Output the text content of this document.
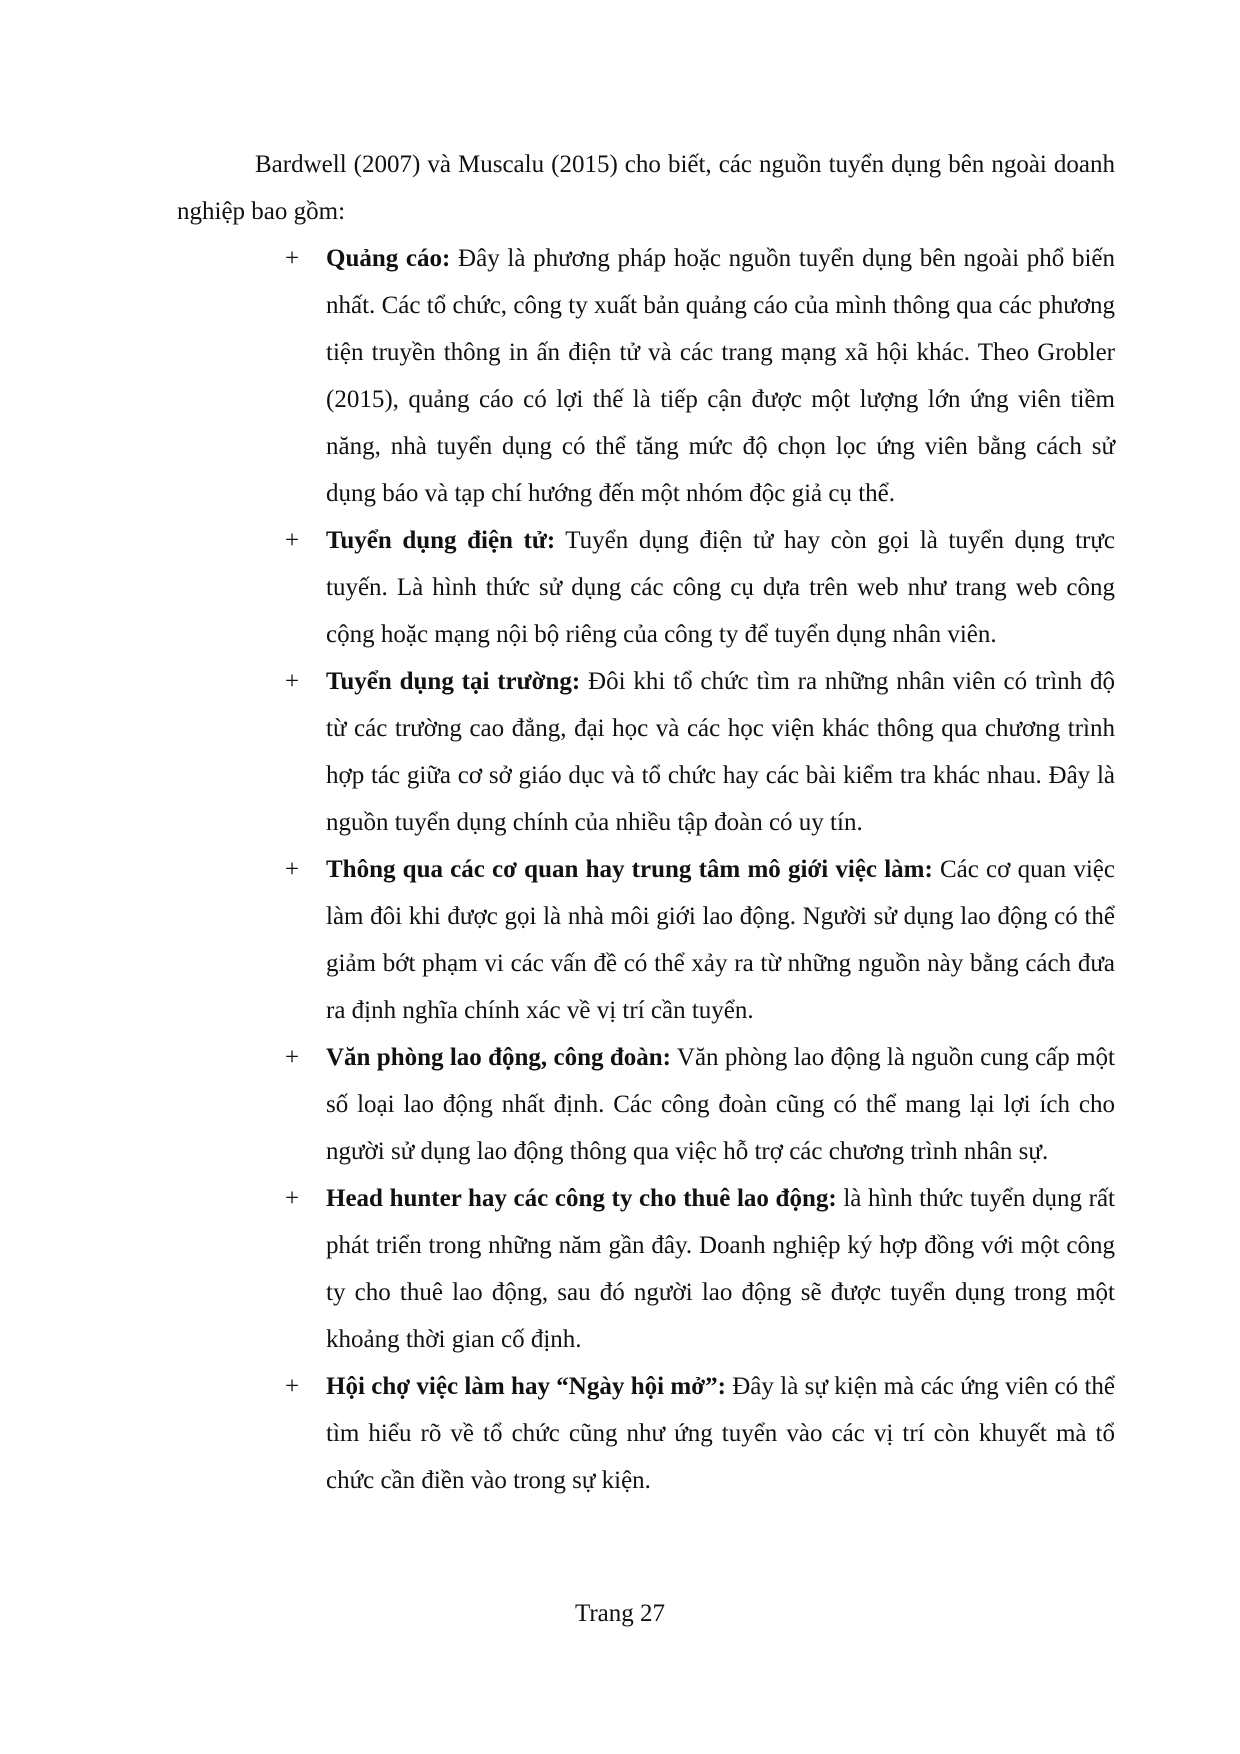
Bardwell (2007) và Muscalu (2015) cho biết, các nguồn tuyển dụng bên ngoài doanh nghiệp bao gồm:

+ Quảng cáo: Đây là phương pháp hoặc nguồn tuyển dụng bên ngoài phổ biến nhất. Các tổ chức, công ty xuất bản quảng cáo của mình thông qua các phương tiện truyền thông in ấn điện tử và các trang mạng xã hội khác. Theo Grobler (2015), quảng cáo có lợi thế là tiếp cận được một lượng lớn ứng viên tiềm năng, nhà tuyển dụng có thể tăng mức độ chọn lọc ứng viên bằng cách sử dụng báo và tạp chí hướng đến một nhóm độc giả cụ thể.
+ Tuyển dụng điện tử: Tuyển dụng điện tử hay còn gọi là tuyển dụng trực tuyến. Là hình thức sử dụng các công cụ dựa trên web như trang web công cộng hoặc mạng nội bộ riêng của công ty để tuyển dụng nhân viên.
+ Tuyển dụng tại trường: Đôi khi tổ chức tìm ra những nhân viên có trình độ từ các trường cao đẳng, đại học và các học viện khác thông qua chương trình hợp tác giữa cơ sở giáo dục và tổ chức hay các bài kiểm tra khác nhau. Đây là nguồn tuyển dụng chính của nhiều tập đoàn có uy tín.
+ Thông qua các cơ quan hay trung tâm mô giới việc làm: Các cơ quan việc làm đôi khi được gọi là nhà môi giới lao động. Người sử dụng lao động có thể giảm bớt phạm vi các vấn đề có thể xảy ra từ những nguồn này bằng cách đưa ra định nghĩa chính xác về vị trí cần tuyển.
+ Văn phòng lao động, công đoàn: Văn phòng lao động là nguồn cung cấp một số loại lao động nhất định. Các công đoàn cũng có thể mang lại lợi ích cho người sử dụng lao động thông qua việc hỗ trợ các chương trình nhân sự.
+ Head hunter hay các công ty cho thuê lao động: là hình thức tuyển dụng rất phát triển trong những năm gần đây. Doanh nghiệp ký hợp đồng với một công ty cho thuê lao động, sau đó người lao động sẽ được tuyển dụng trong một khoảng thời gian cố định.
+ Hội chợ việc làm hay “Ngày hội mở”: Đây là sự kiện mà các ứng viên có thể tìm hiểu rõ về tổ chức cũng như ứng tuyển vào các vị trí còn khuyết mà tổ chức cần điền vào trong sự kiện.
Trang 27
